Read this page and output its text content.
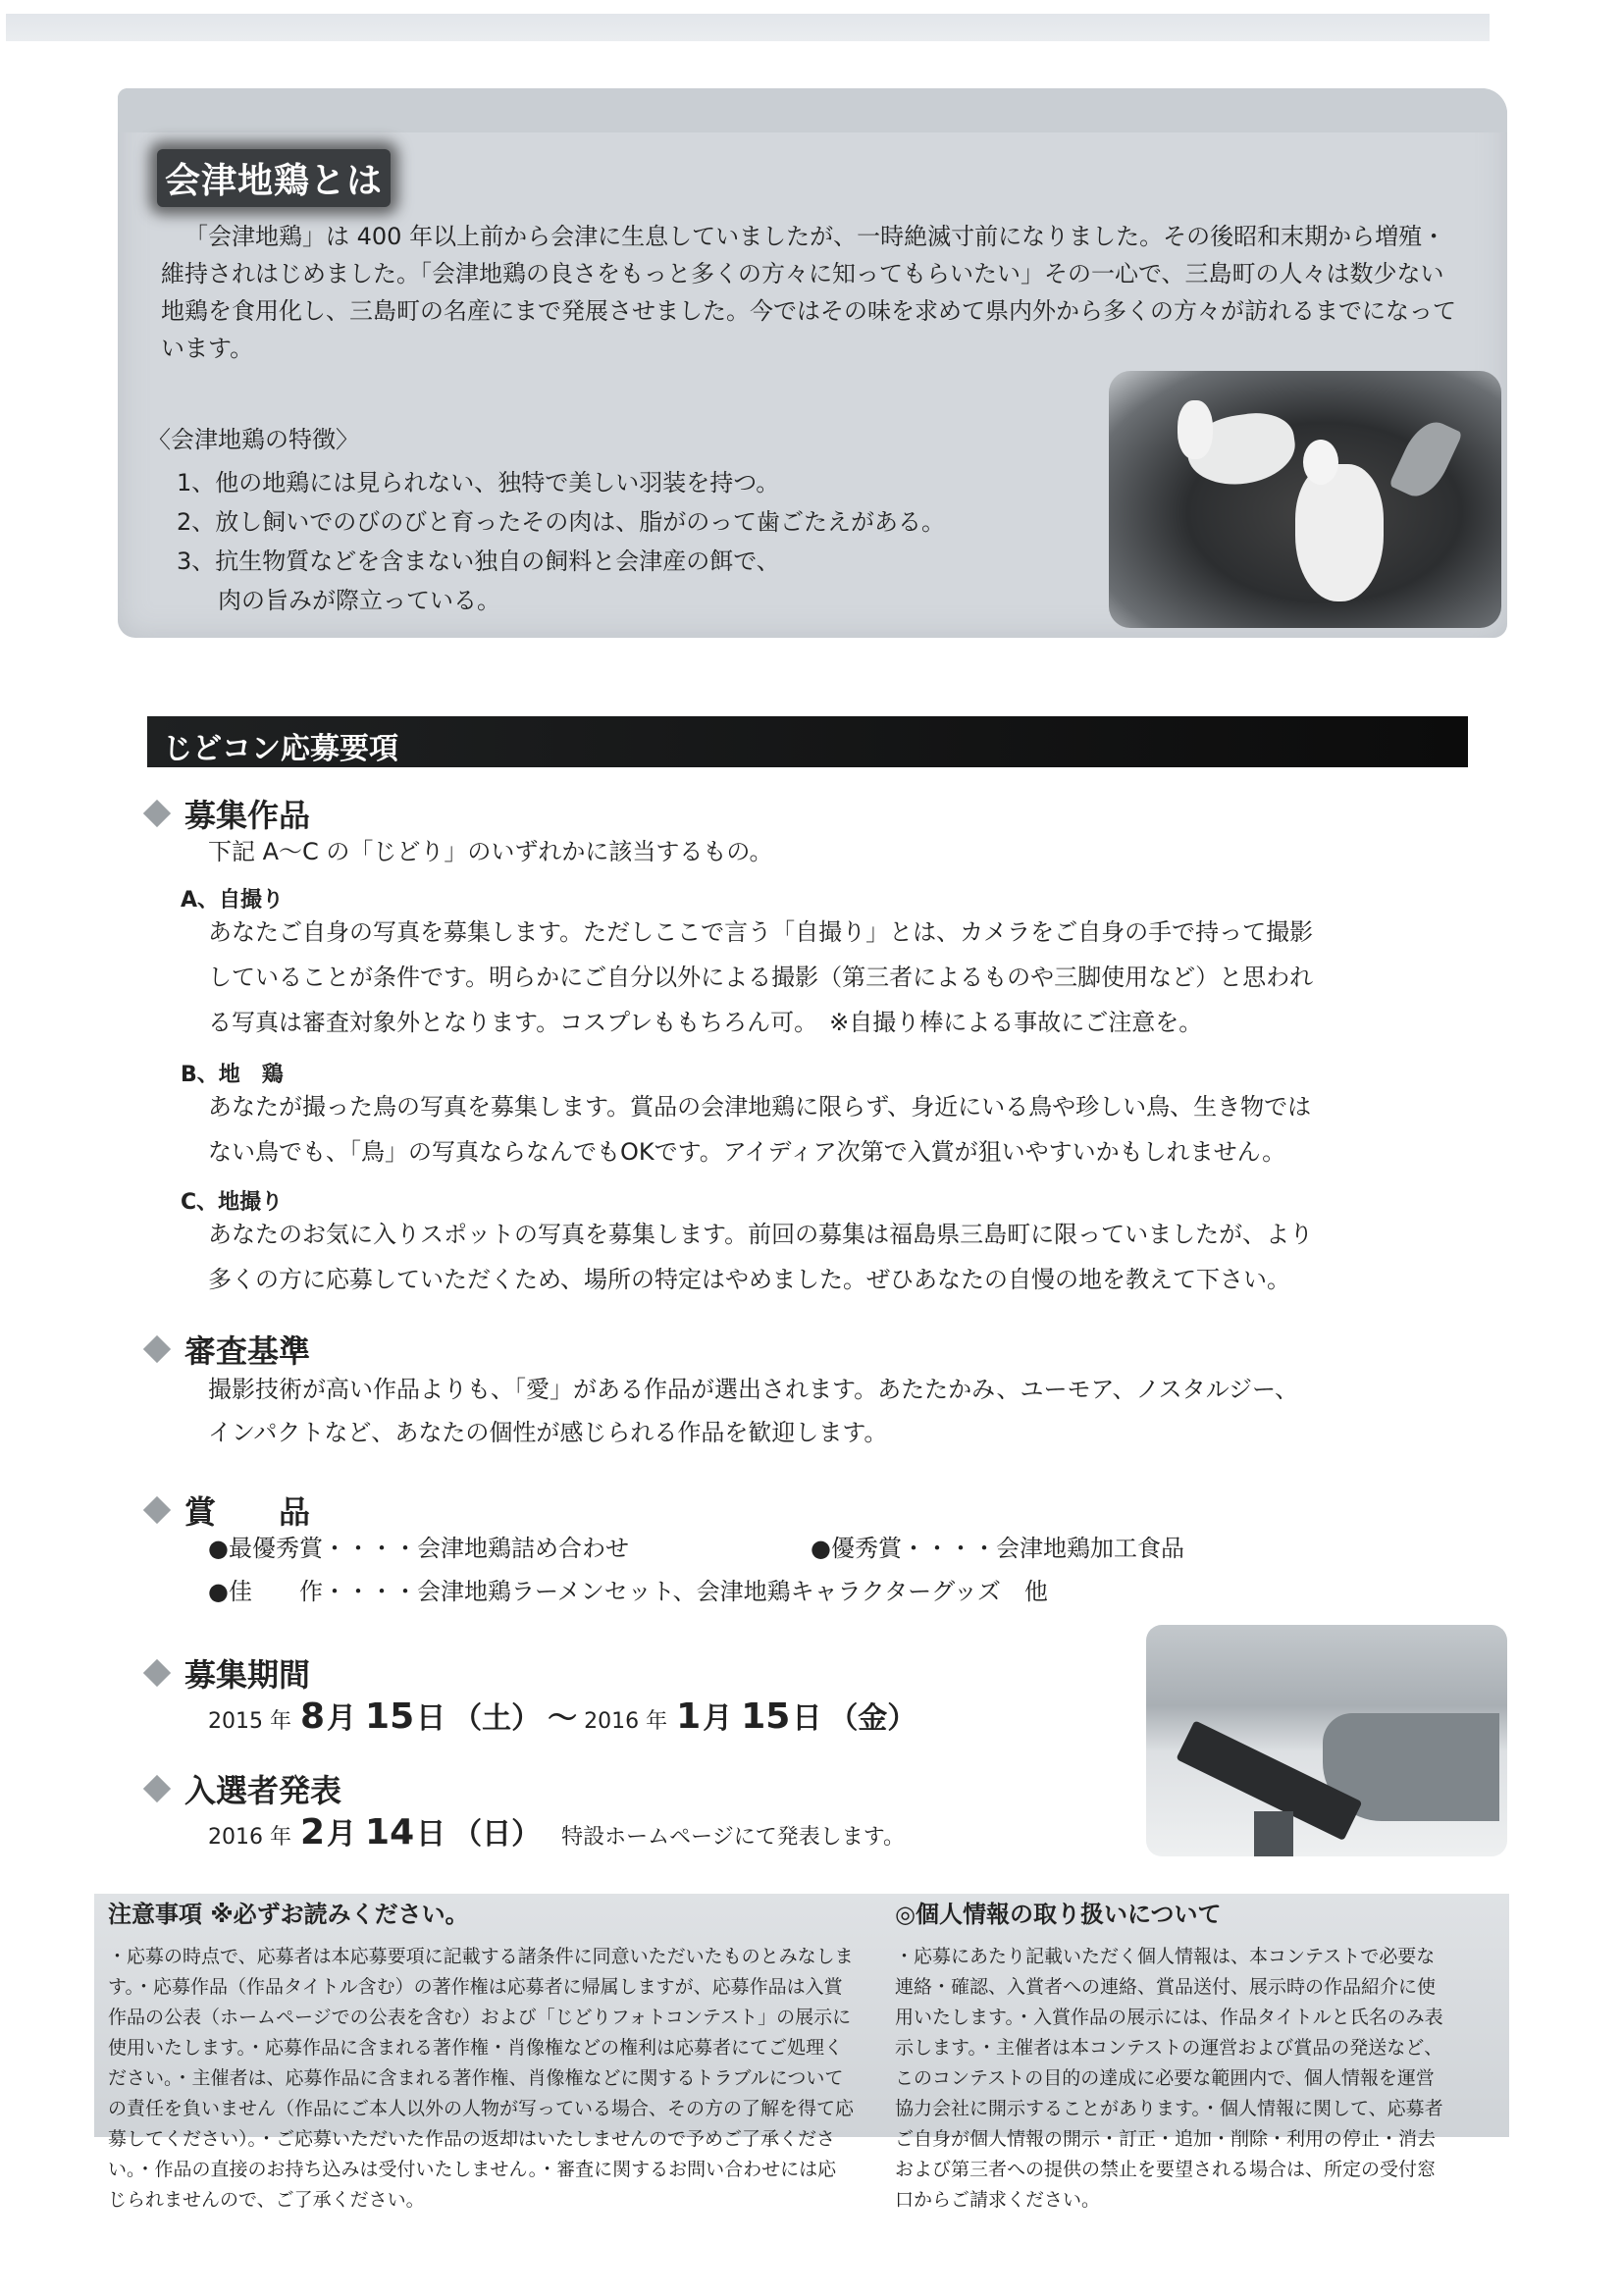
会津地鶏とは

「会津地鶏」は 400 年以上前から会津に生息していましたが、一時絶滅寸前になりました。その後昭和末期から増殖・維持されはじめました。「会津地鶏の良さをもっと多くの方々に知ってもらいたい」その一心で、三島町の人々は数少ない地鶏を食用化し、三島町の名産にまで発展させました。今ではその味を求めて県内外から多くの方々が訪れるまでになっています。

〈会津地鶏の特徴〉
1、他の地鶏には見られない、独特で美しい羽装を持つ。
2、放し飼いでのびのびと育ったその肉は、脂がのって歯ごたえがある。
3、抗生物質などを含まない独自の飼料と会津産の餌で、
肉の旨みが際立っている。
じどコン応募要項
募集作品
下記 A～C の「じどり」のいずれかに該当するもの。
A、自撮り
あなたご自身の写真を募集します。ただしここで言う「自撮り」とは、カメラをご自身の手で持って撮影
していることが条件です。明らかにご自分以外による撮影（第三者によるものや三脚使用など）と思われ
る写真は審査対象外となります。コスプレももちろん可。　※自撮り棒による事故にご注意を。
B、地　鶏
あなたが撮った鳥の写真を募集します。賞品の会津地鶏に限らず、身近にいる鳥や珍しい鳥、生き物では
ない鳥でも、「鳥」の写真ならなんでもOKです。アイディア次第で入賞が狙いやすいかもしれません。
C、地撮り
あなたのお気に入りスポットの写真を募集します。前回の募集は福島県三島町に限っていましたが、より
多くの方に応募していただくため、場所の特定はやめました。ぜひあなたの自慢の地を教えて下さい。
審査基準
撮影技術が高い作品よりも、「愛」がある作品が選出されます。あたたかみ、ユーモア、ノスタルジー、
インパクトなど、あなたの個性が感じられる作品を歓迎します。
賞　　品
●最優秀賞・・・・会津地鶏詰め合わせ	●優秀賞・・・・会津地鶏加工食品
●佳　　作・・・・会津地鶏ラーメンセット、会津地鶏キャラクターグッズ　他
募集期間
2015 年 8月 15日 （土） ～ 2016 年 1月 15日 （金）
入選者発表
2016 年 2月 14日 （日） 特設ホームページにて発表します。
注意事項 ※必ずお読みください。

・応募の時点で、応募者は本応募要項に記載する諸条件に同意いただいたものとみなします。・応募作品（作品タイトル含む）の著作権は応募者に帰属しますが、応募作品は入賞作品の公表（ホームページでの公表を含む）および「じどりフォトコンテスト」の展示に使用いたします。・応募作品に含まれる著作権・肖像権などの権利は応募者にてご処理ください。・主催者は、応募作品に含まれる著作権、肖像権などに関するトラブルについての責任を負いません（作品にご本人以外の人物が写っている場合、その方の了解を得て応募してください）。・ご応募いただいた作品の返却はいたしませんので予めご了承ください。・作品の直接のお持ち込みは受付いたしません。・審査に関するお問い合わせには応じられませんので、ご了承ください。

◎個人情報の取り扱いについて

・応募にあたり記載いただく個人情報は、本コンテストで必要な連絡・確認、入賞者への連絡、賞品送付、展示時の作品紹介に使用いたします。・入賞作品の展示には、作品タイトルと氏名のみ表示します。・主催者は本コンテストの運営および賞品の発送など、このコンテストの目的の達成に必要な範囲内で、個人情報を運営協力会社に開示することがあります。・個人情報に関して、応募者ご自身が個人情報の開示・訂正・追加・削除・利用の停止・消去および第三者への提供の禁止を要望される場合は、所定の受付窓口からご請求ください。
